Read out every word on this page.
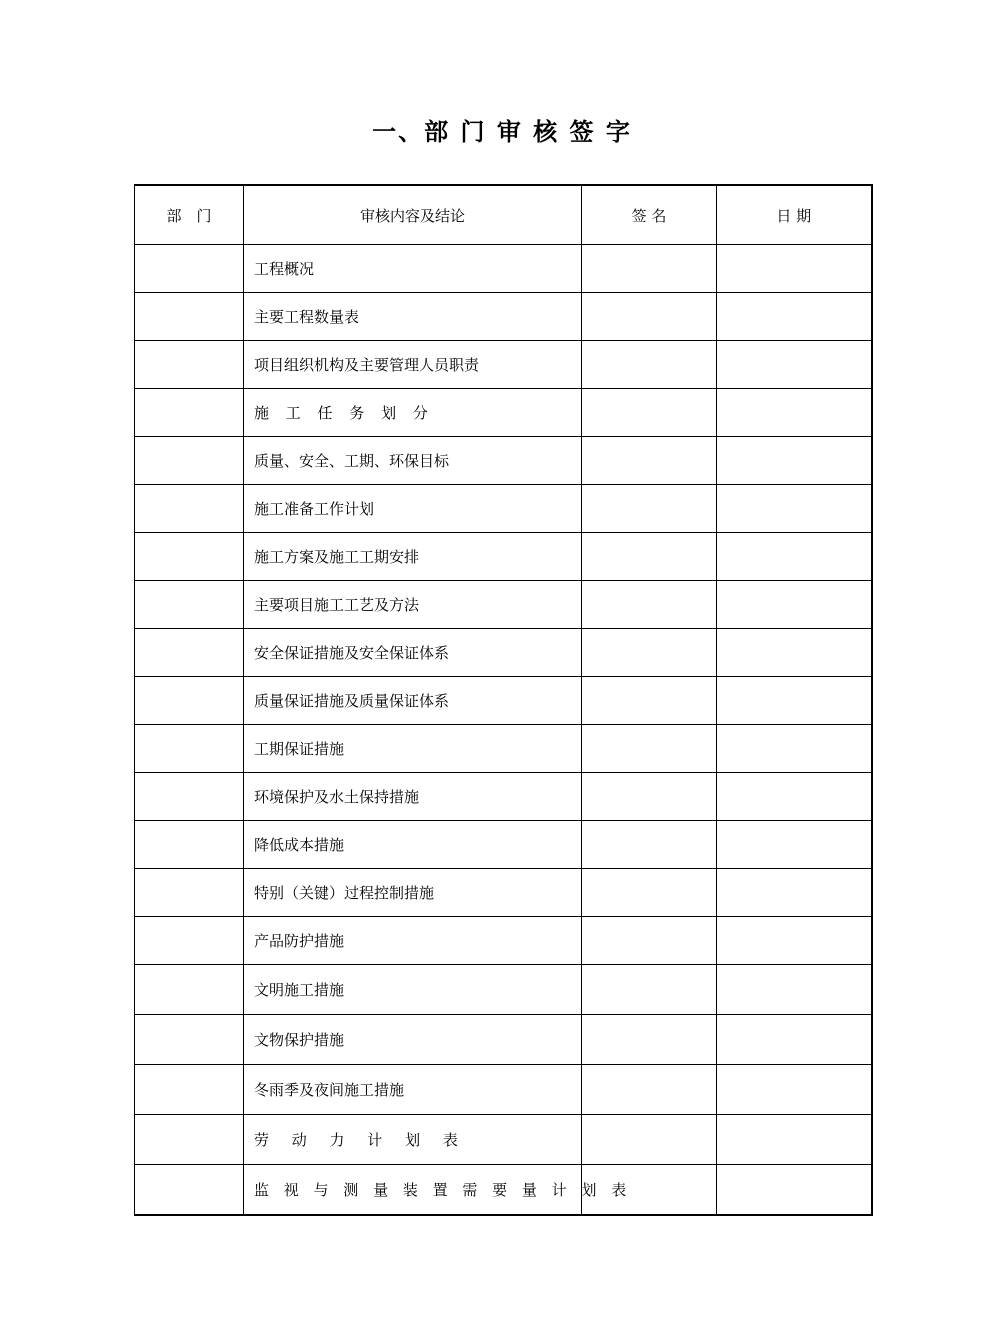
一、部 门 审 核 签 字
部　门	审核内容及结论	签 名	日 期
	工程概况		
	主要工程数量表		
	项目组织机构及主要管理人员职责		
	施 工 任 务 划 分		
	质量、安全、工期、环保目标		
	施工准备工作计划		
	施工方案及施工工期安排		
	主要项目施工工艺及方法		
	安全保证措施及安全保证体系		
	质量保证措施及质量保证体系		
	工期保证措施		
	环境保护及水土保持措施		
	降低成本措施		
	特别（关键）过程控制措施		
	产品防护措施		
	文明施工措施		
	文物保护措施		
	冬雨季及夜间施工措施		
	劳 动 力 计 划 表		
	监 视 与 测 量 装 置 需 要 量 计 划 表		
